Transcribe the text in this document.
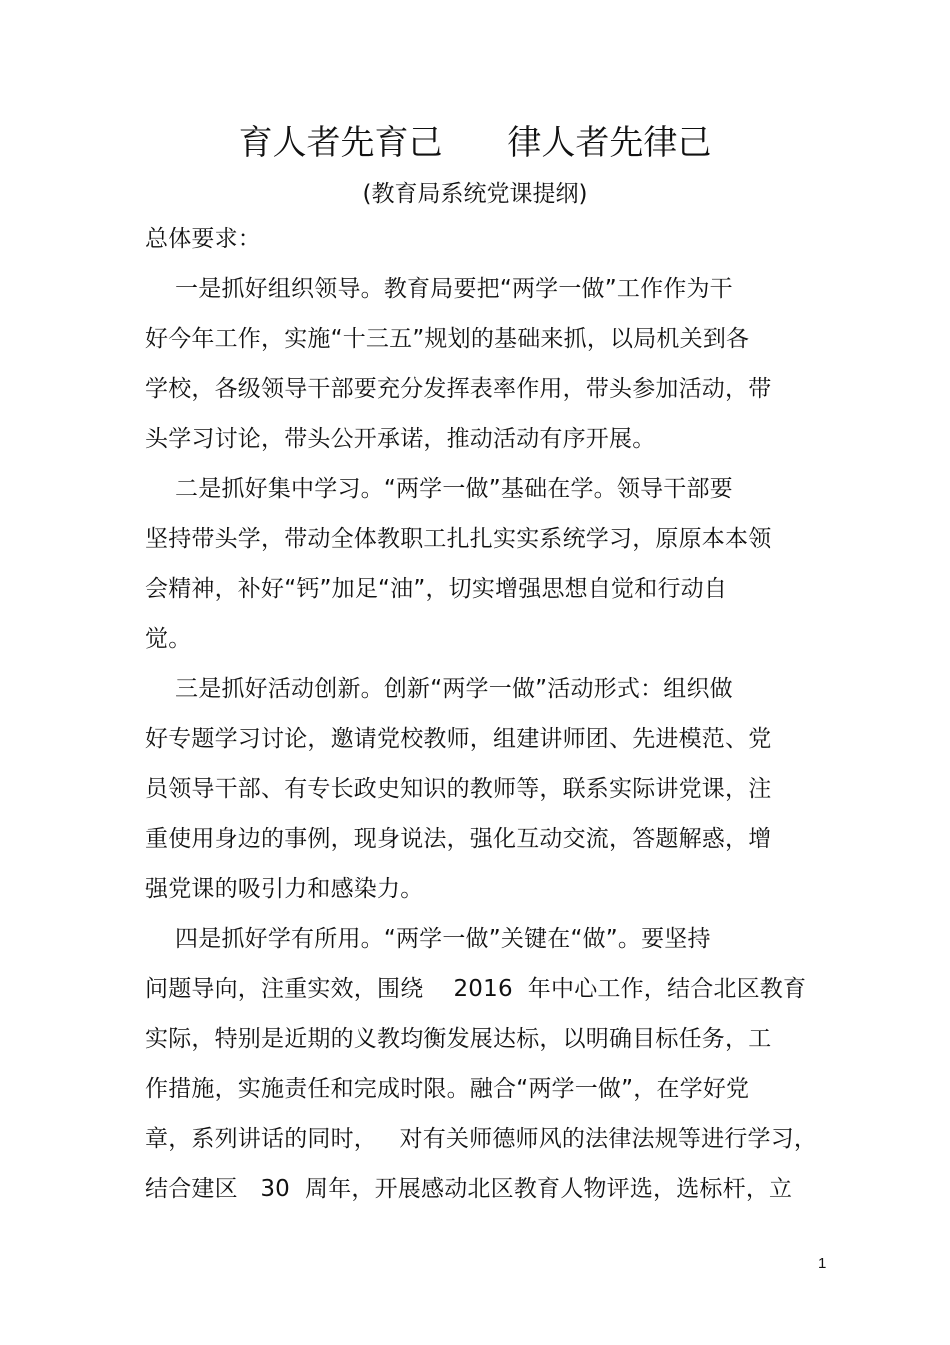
育人者先育己      律人者先律己
(教育局系统党课提纲)
总体要求：
一是抓好组织领导。教育局要把“两学一做”工作作为干
好今年工作，实施“十三五”规划的基础来抓，以局机关到各
学校，各级领导干部要充分发挥表率作用，带头参加活动，带
头学习讨论，带头公开承诺，推动活动有序开展。
二是抓好集中学习。“两学一做”基础在学。领导干部要
坚持带头学，带动全体教职工扎扎实实系统学习，原原本本领
会精神，补好“钙”加足“油”，切实增强思想自觉和行动自
觉。
三是抓好活动创新。创新“两学一做”活动形式：组织做
好专题学习讨论，邀请党校教师，组建讲师团、先进模范、党
员领导干部、有专长政史知识的教师等，联系实际讲党课，注
重使用身边的事例，现身说法，强化互动交流，答题解惑，增
强党课的吸引力和感染力。
四是抓好学有所用。“两学一做”关键在“做”。要坚持
问题导向，注重实效，围绕    2016  年中心工作，结合北区教育
实际，特别是近期的义教均衡发展达标，以明确目标任务，工
作措施，实施责任和完成时限。融合“两学一做”，在学好党
章，系列讲话的同时，   对有关师德师风的法律法规等进行学习，
结合建区   30  周年，开展感动北区教育人物评选，选标杆，立
1
